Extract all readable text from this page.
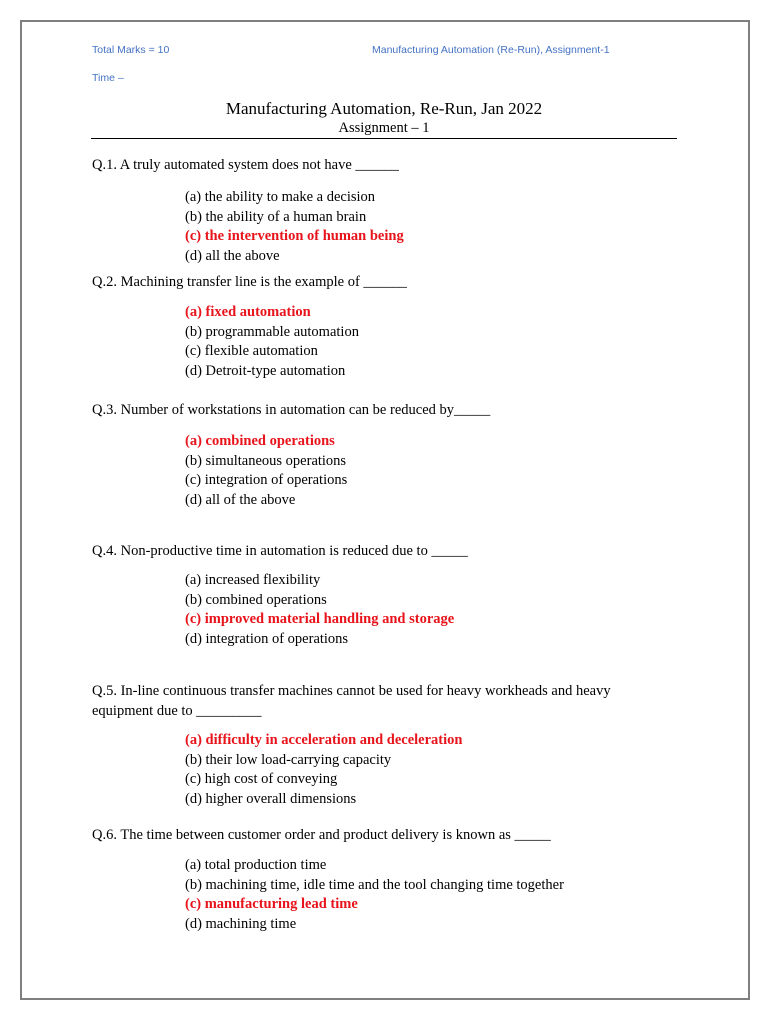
Total Marks = 10	Manufacturing Automation (Re-Run), Assignment-1
Time –
Manufacturing Automation, Re-Run, Jan 2022
Assignment – 1
Q.1. A truly automated system does not have ______
(a) the ability to make a decision
(b) the ability of a human brain
(c) the intervention of human being
(d) all the above
Q.2. Machining transfer line is the example of ______
(a) fixed automation
(b) programmable automation
(c) flexible automation
(d) Detroit-type automation
Q.3. Number of workstations in automation can be reduced by_____
(a) combined operations
(b) simultaneous operations
(c) integration of operations
(d) all of the above
Q.4. Non-productive time in automation is reduced due to _____
(a) increased flexibility
(b) combined operations
(c) improved material handling and storage
(d) integration of operations
Q.5. In-line continuous transfer machines cannot be used for heavy workheads and heavy equipment due to _________
(a) difficulty in acceleration and deceleration
(b) their low load-carrying capacity
(c) high cost of conveying
(d) higher overall dimensions
Q.6. The time between customer order and product delivery is known as _____
(a) total production time
(b) machining time, idle time and the tool changing time together
(c) manufacturing lead time
(d) machining time
